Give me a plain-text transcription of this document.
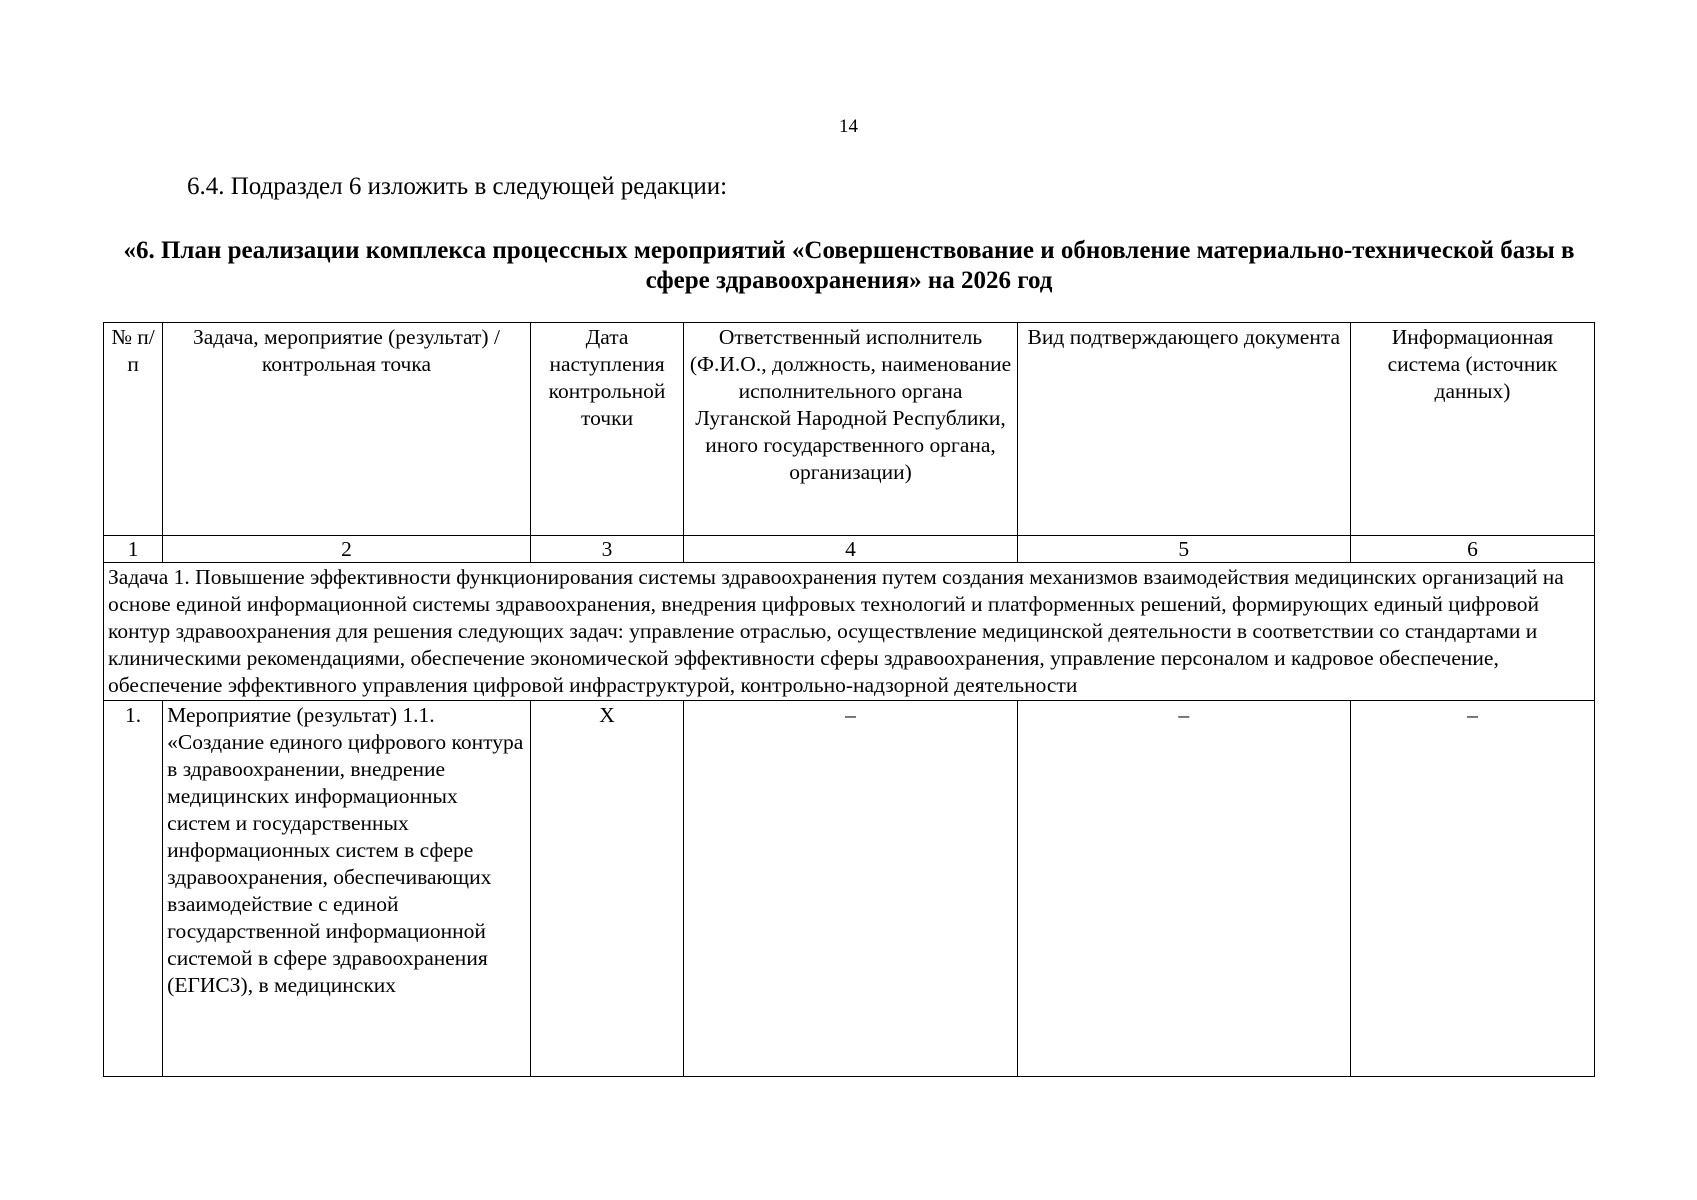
14
6.4. Подраздел 6 изложить в следующей редакции:
«6. План реализации комплекса процессных мероприятий «Совершенствование и обновление материально-технической базы в сфере здравоохранения» на 2026 год
№ п/п	Задача, мероприятие (результат) / контрольная точка	Дата наступления контрольной точки	Ответственный исполнитель (Ф.И.О., должность, наименование исполнительного органа Луганской Народной Республики, иного государственного органа, организации)	Вид подтверждающего документа	Информационная система (источник данных)
1	2	3	4	5	6
Задача 1. Повышение эффективности функционирования системы здравоохранения путем создания механизмов взаимодействия медицинских организаций на основе единой информационной системы здравоохранения, внедрения цифровых технологий и платформенных решений, формирующих единый цифровой контур здравоохранения для решения следующих задач: управление отраслью, осуществление медицинской деятельности в соответствии со стандартами и клиническими рекомендациями, обеспечение экономической эффективности сферы здравоохранения, управление персоналом и кадровое обеспечение, обеспечение эффективного управления цифровой инфраструктурой, контрольно-надзорной деятельности					
1.	Мероприятие (результат) 1.1. «Создание единого цифрового контура в здравоохранении, внедрение медицинских информационных систем и государственных информационных систем в сфере здравоохранения, обеспечивающих взаимодействие с единой государственной информационной системой в сфере здравоохранения (ЕГИСЗ), в медицинских	Х	–	–	–
